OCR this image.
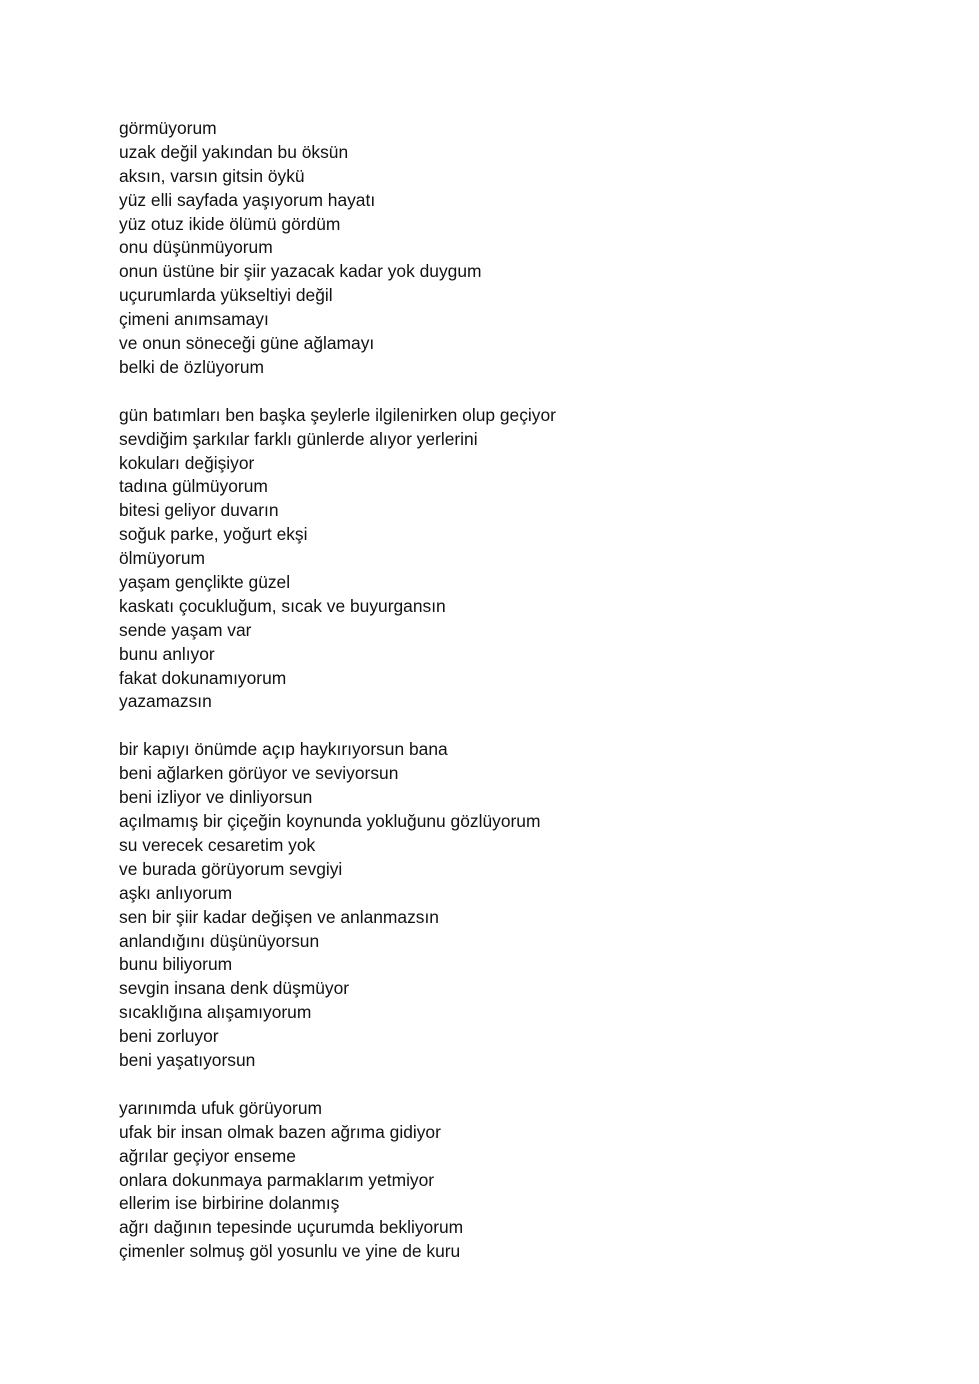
görmüyorum
uzak değil yakından bu öksün
aksın, varsın gitsin öykü
yüz elli sayfada yaşıyorum hayatı
yüz otuz ikide ölümü gördüm
onu düşünmüyorum
onun üstüne bir şiir yazacak kadar yok duygum
uçurumlarda yükseltiyi değil
çimeni anımsamayı
ve onun söneceği güne ağlamayı
belki de özlüyorum
gün batımları ben başka şeylerle ilgilenirken olup geçiyor
sevdiğim şarkılar farklı günlerde alıyor yerlerini
kokuları değişiyor
tadına gülmüyorum
bitesi geliyor duvarın
soğuk parke, yoğurt ekşi
ölmüyorum
yaşam gençlikte güzel
kaskatı çocukluğum, sıcak ve buyurgansın
sende yaşam var
bunu anlıyor
fakat dokunamıyorum
yazamazsın
bir kapıyı önümde açıp haykırıyorsun bana
beni ağlarken görüyor ve seviyorsun
beni izliyor ve dinliyorsun
açılmamış bir çiçeğin koynunda yokluğunu gözlüyorum
su verecek cesaretim yok
ve burada görüyorum sevgiyi
aşkı anlıyorum
sen bir şiir kadar değişen ve anlanmazsın
anlandığını düşünüyorsun
bunu biliyorum
sevgin insana denk düşmüyor
sıcaklığına alışamıyorum
beni zorluyor
beni yaşatıyorsun
yarınımda ufuk görüyorum
ufak bir insan olmak bazen ağrıma gidiyor
ağrılar geçiyor enseme
onlara dokunmaya parmaklarım yetmiyor
ellerim ise birbirine dolanmış
ağrı dağının tepesinde uçurumda bekliyorum
çimenler solmuş göl yosunlu ve yine de kuru
